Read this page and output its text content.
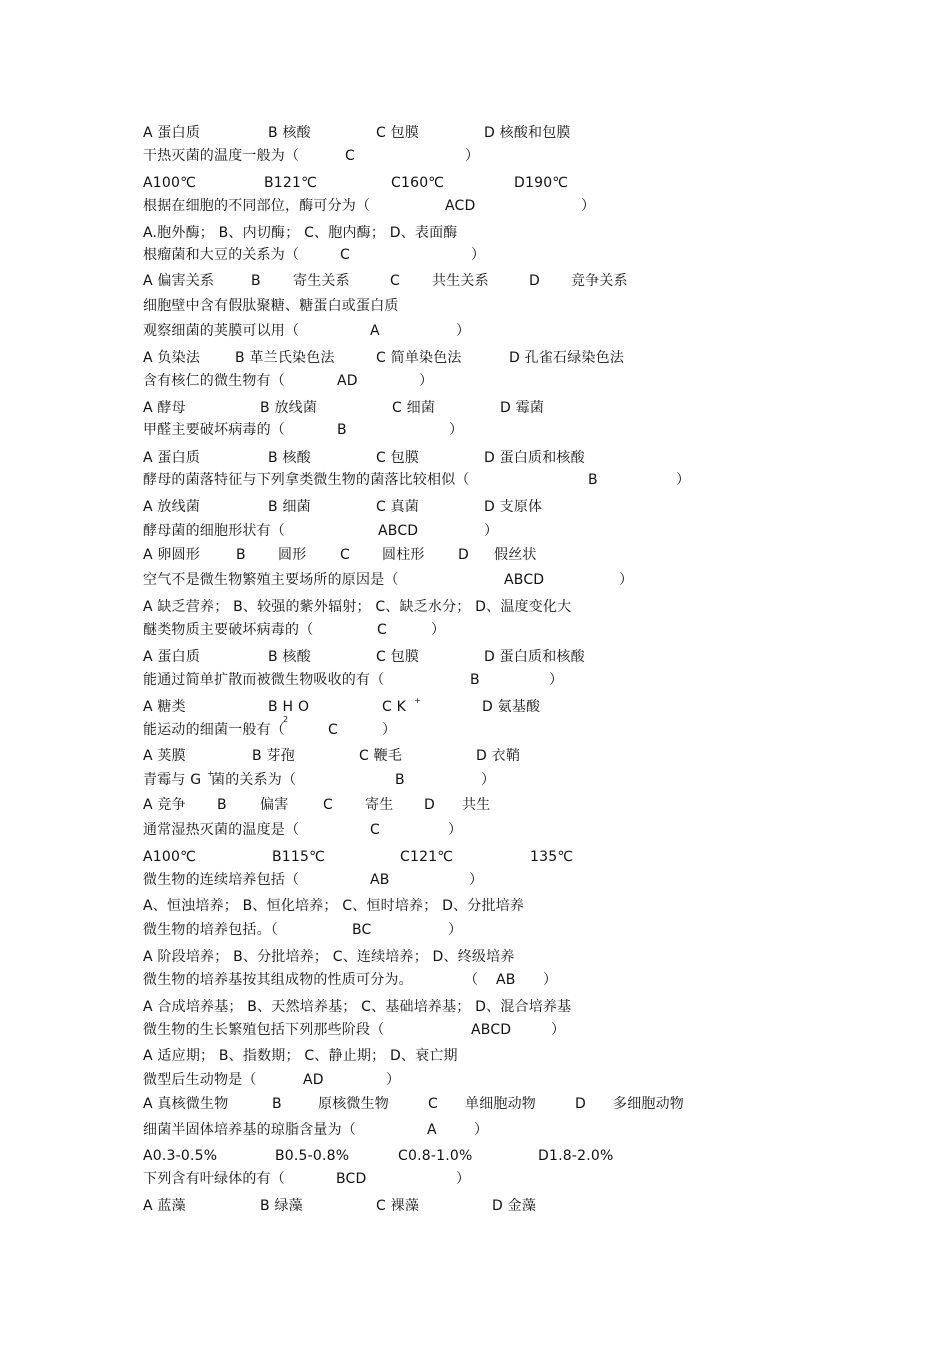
A 蛋白质	B 核酸	C 包膜	D 核酸和包膜
干热灭菌的温度一般为（	C	）
A100℃	B121℃	C160℃	D190℃
根据在细胞的不同部位，酶可分为（	ACD	）
A.胞外酶； B、内切酶； C、胞内酶； D、表面酶
根瘤菌和大豆的关系为（	C	）
A 偏害关系	B 寄生关系	C 共生关系	D 竞争关系
细胞壁中含有假肽聚糖、糖蛋白或蛋白质
观察细菌的荚膜可以用（	A	）
A 负染法 B 革兰氏染色法	C 简单染色法	D 孔雀石绿染色法
含有核仁的微生物有（	AD	）
A 酵母	B 放线菌	C 细菌	D 霉菌
甲醛主要破坏病毒的（	B	）
A 蛋白质	B 核酸	C 包膜	D 蛋白质和核酸
酵母的菌落特征与下列拿类微生物的菌落比较相似（	B	）
A 放线菌	B 细菌	C 真菌	D 支原体
酵母菌的细胞形状有（	ABCD	）
A 卵圆形	B 圆形 C 圆柱形 D 假丝状
空气不是微生物繁殖主要场所的原因是（	ABCD	）
A 缺乏营养； B、较强的紫外辐射； C、缺乏水分； D、温度变化大
醚类物质主要破坏病毒的（	C	）
A 蛋白质	B 核酸	C 包膜	D 蛋白质和核酸
能通过简单扩散而被微生物吸收的有（	B	）
A 糖类	B H
$_2$
O	C K +	D 氨基酸
能运动的细菌一般有（	C	）
A 荚膜	B 芽孢	C 鞭毛	D 衣鞘
青霉与 G +
菌的关系为（	B	）
A 竞争 B 偏害 C 寄生 D 共生
通常湿热灭菌的温度是（	C	）
A100℃	B115℃	C121℃	135℃
微生物的连续培养包括（	AB	）
A、恒浊培养； B、恒化培养； C、恒时培养； D、分批培养
微生物的培养包括。（	BC	）
A 阶段培养； B、分批培养； C、连续培养； D、终级培养
微生物的培养基按其组成物的性质可分为。	（ AB ）
A 合成培养基； B、天然培养基； C、基础培养基； D、混合培养基
微生物的生长繁殖包括下列那些阶段（	ABCD	）
A 适应期； B、指数期； C、静止期； D、衰亡期
微型后生动物是（	AD	）
A 真核微生物	B	原核微生物	C 单细胞动物	D 多细胞动物
细菌半固体培养基的琼脂含量为（	A	）
A0.3-0.5%	B0.5-0.8%	C0.8-1.0%	D1.8-2.0%
下列含有叶绿体的有（	BCD	）
A 蓝藻	B 绿藻	C 裸藻	D 金藻
